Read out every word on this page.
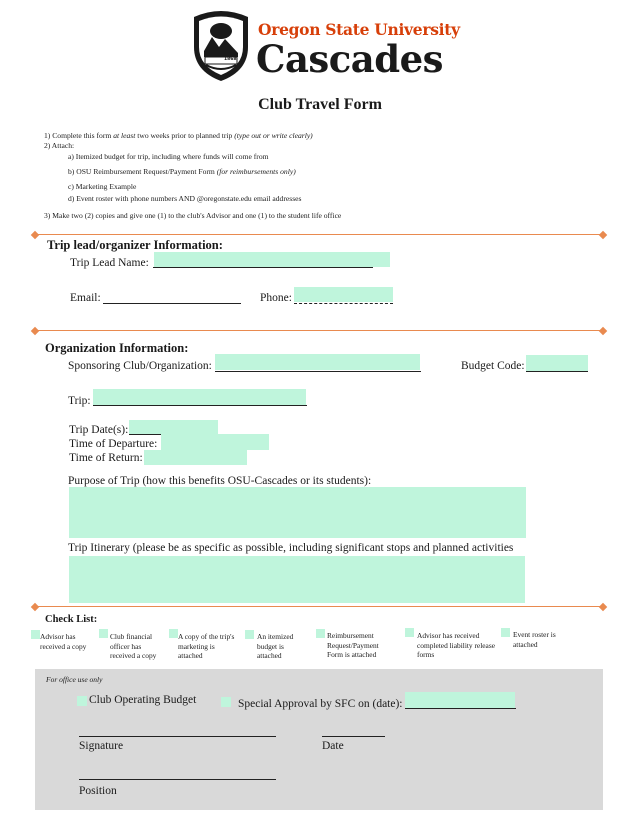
1868
Oregon State University
Cascades
Club Travel Form
1) Complete this form at least two weeks prior to planned trip (type out or write clearly)
2) Attach:
a) Itemized budget for trip, including where funds will come from
b) OSU Reimbursement Request/Payment Form (for reimbursements only)
c) Marketing Example
d) Event roster with phone numbers AND @oregonstate.edu email addresses
3) Make two (2) copies and give one (1) to the club's Advisor and one (1) to the student life office
Trip lead/organizer Information:
Trip Lead Name:
Email:	Phone:
Organization Information:
Sponsoring Club/Organization:	Budget Code:
Trip:
Trip Date(s):
Time of Departure:
Time of Return:
Purpose of Trip (how this benefits OSU-Cascades or its students):
Trip Itinerary (please be as specific as possible, including significant stops and planned activities
Check List:
Advisor has received a copy
Club financial officer has received a copy
A copy of the trip's marketing is attached
An itemized budget is attached
Reimbursement Request/Payment Form is attached
Advisor has received completed liability release forms
Event roster is attached
For office use only
Club Operating Budget	Special Approval by SFC on (date):
Signature	Date
Position
